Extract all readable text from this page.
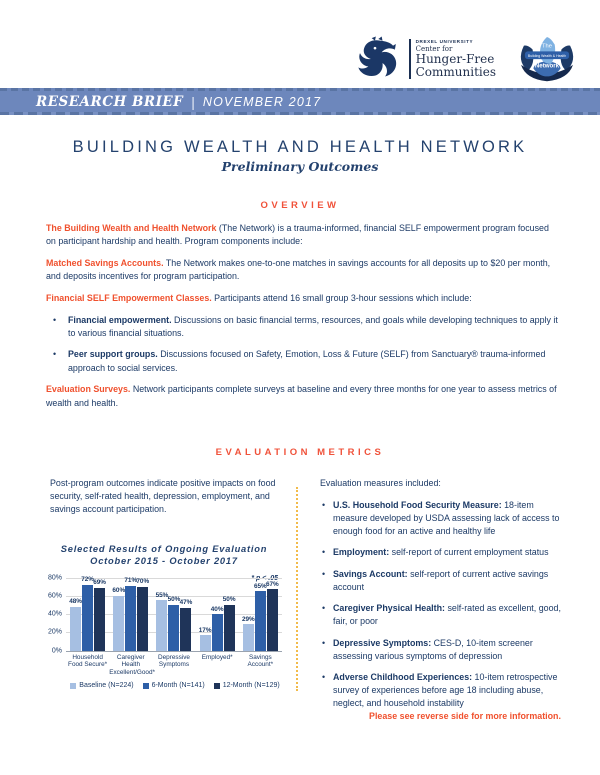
DREXEL UNIVERSITY
Center for
Hunger-Free
Communities
The
Building Wealth & Health
Network
RESEARCH BRIEF | NOVEMBER 2017
BUILDING WEALTH AND HEALTH NETWORK
Preliminary Outcomes
OVERVIEW

The Building Wealth and Health Network (The Network) is a trauma-informed, financial SELF empowerment program focused on participant hardship and health. Program components include:

Matched Savings Accounts. The Network makes one-to-one matches in savings accounts for all deposits up to $20 per month, and deposits incentives for program participation.

Financial SELF Empowerment Classes. Participants attend 16 small group 3-hour sessions which include:

•	Financial empowerment. Discussions on basic financial terms, resources, and goals while developing techniques to apply it to various financial situations.
•	Peer support groups. Discussions focused on Safety, Emotion, Loss & Future (SELF) from Sanctuary® trauma-informed approach to social services.

Evaluation Surveys. Network participants complete surveys at baseline and every three months for one year to assess metrics of wealth and health.

EVALUATION METRICS
Post-program outcomes indicate positive impacts on food security, self-rated health, depression, employment, and savings account participation.
Selected Results of Ongoing Evaluation
October 2015 - October 2017
0%
20%
40%
60%
80%
48%
72% 69%
60%
71% 70%
55%
50% 47%
17%
40%
50%
29%
65% 67%
Household
Food Secure*
Caregiver
Health
Excellent/Good*
Depressive
Symptoms
Employed*	Savings
Account*
Baseline (N=224)	6-Month (N=141)	12-Month (N=129)
Evaluation measures included:
• U.S. Household Food Security Measure: 18-item measure developed by USDA assessing lack of access to enough food for an active and healthy life
• Employment: self-report of current employment status
• Savings Account: self-report of current active savings account
• Caregiver Physical Health: self-rated as excellent, good, fair, or poor
• Depressive Symptoms: CES-D, 10-item screener assessing various symptoms of depression
• Adverse Childhood Experiences: 10-item retrospective survey of experiences before age 18 including abuse, neglect, and household instability
Please see reverse side for more information.
